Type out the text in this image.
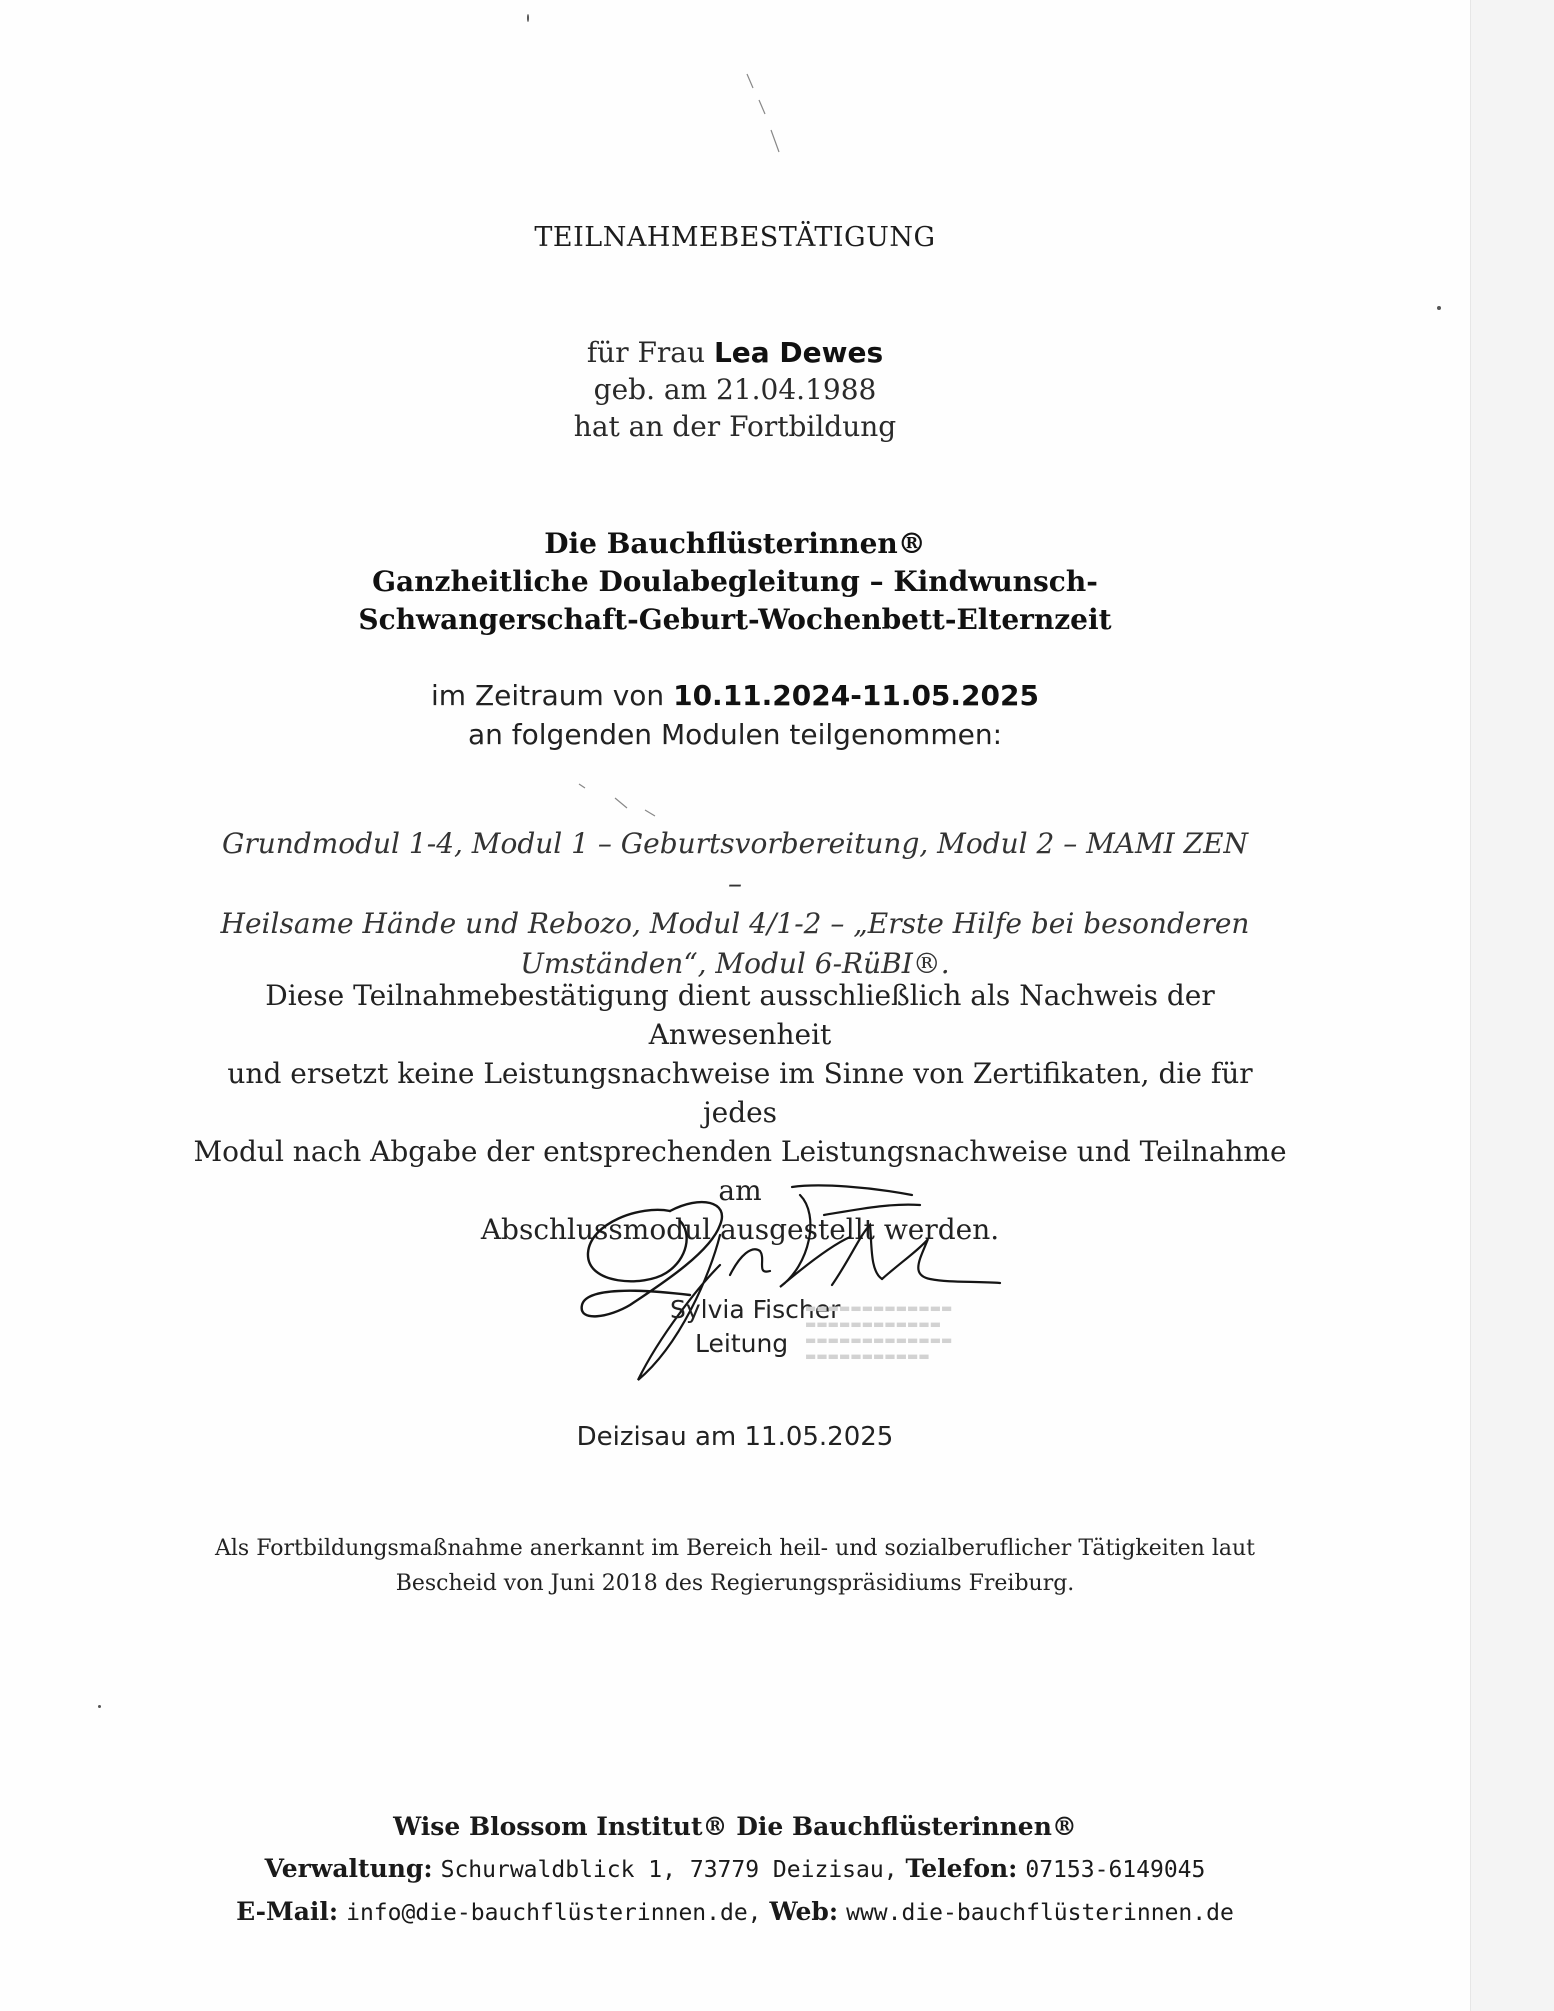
TEILNAHMEBESTÄTIGUNG
für Frau Lea Dewes
geb. am 21.04.1988
hat an der Fortbildung
Die Bauchflüsterinnen®
Ganzheitliche Doulabegleitung – Kindwunsch-
Schwangerschaft-Geburt-Wochenbett-Elternzeit
im Zeitraum von 10.11.2024-11.05.2025
an folgenden Modulen teilgenommen:
Grundmodul 1-4, Modul 1 – Geburtsvorbereitung, Modul 2 – MAMI ZEN –
Heilsame Hände und Rebozo, Modul 4/1-2 – „Erste Hilfe bei besonderen
Umständen“, Modul 6-RüBI®.
Diese Teilnahmebestätigung dient ausschließlich als Nachweis der Anwesenheit
und ersetzt keine Leistungsnachweise im Sinne von Zertifikaten, die für jedes
Modul nach Abgabe der entsprechenden Leistungsnachweise und Teilnahme am
Abschlussmodul ausgestellt werden.
Sylvia Fischer
Leitung
▬▬▬▬▬▬▬▬▬▬▬▬▬
▬▬▬▬▬▬▬▬▬▬▬▬
▬▬▬▬▬▬▬▬▬▬▬▬▬
▬▬▬▬▬▬▬▬▬▬▬
Deizisau am 11.05.2025
Als Fortbildungsmaßnahme anerkannt im Bereich heil- und sozialberuflicher Tätigkeiten laut
Bescheid von Juni 2018 des Regierungspräsidiums Freiburg.
Wise Blossom Institut® Die Bauchflüsterinnen®
Verwaltung: Schurwaldblick 1, 73779 Deizisau, Telefon: 07153-6149045
E-Mail: info@die-bauchflüsterinnen.de, Web: www.die-bauchflüsterinnen.de
